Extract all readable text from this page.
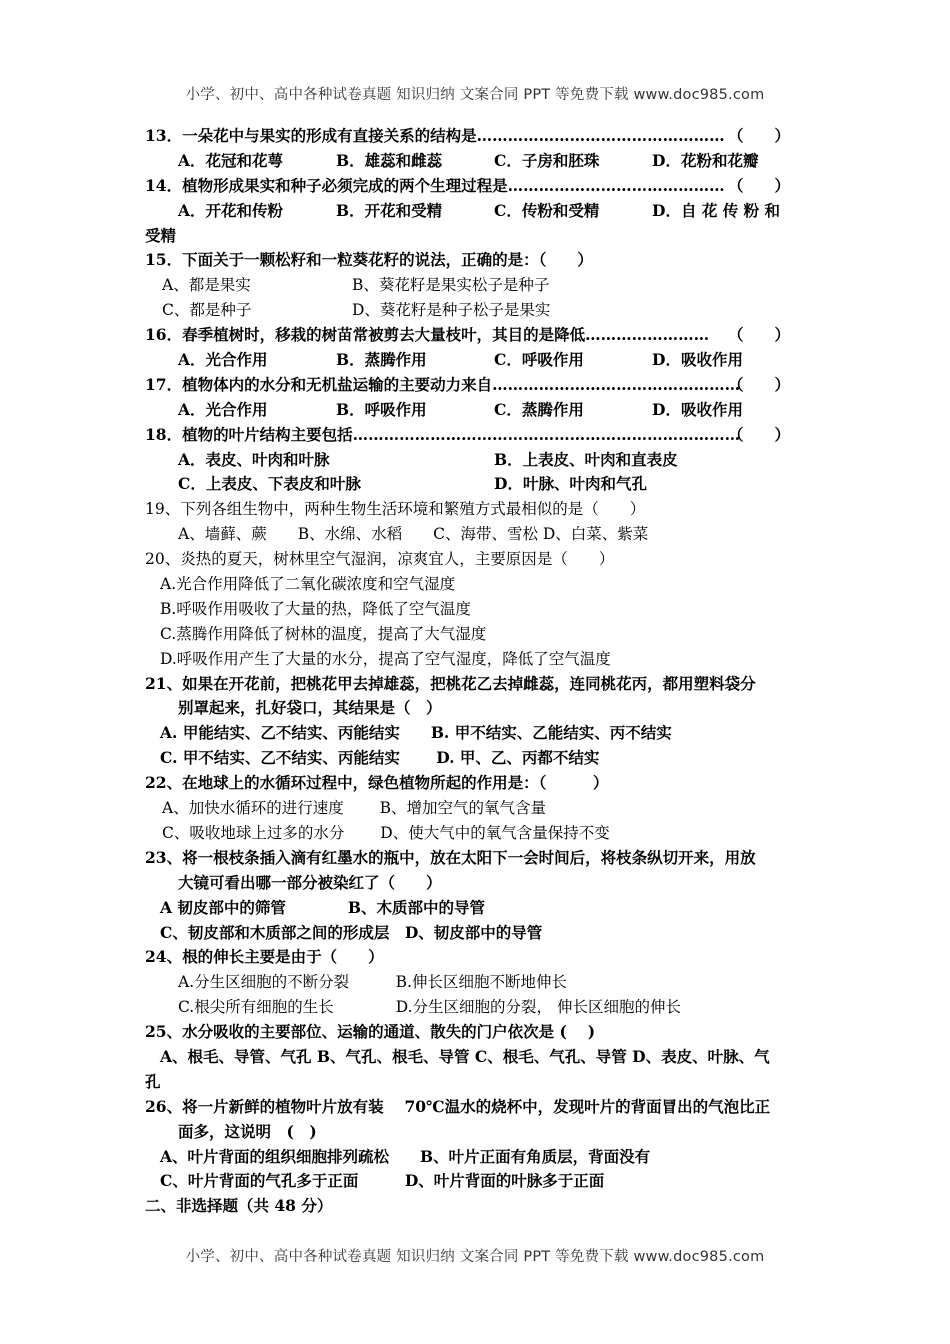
小学、初中、高中各种试卷真题 知识归纳 文案合同 PPT 等免费下载 www.doc985.com
13．一朵花中与果实的形成有直接关系的结构是………………………………………… （　　）
A．花冠和花萼	B．雄蕊和雌蕊	C．子房和胚珠	D．花粉和花瓣
14．植物形成果实和种子必须完成的两个生理过程是…………………………………… （　　）
A．开花和传粉	B．开花和受精	C．传粉和受精	D．自 花 传 粉 和
受精
15．下面关于一颗松籽和一粒葵花籽的说法，正确的是：（　　）
A、都是果实	B、葵花籽是果实松子是种子
C、都是种子	D、葵花籽是种子松子是果实
16．春季植树时，移栽的树苗常被剪去大量枝叶，其目的是降低…………………… （　　）
A．光合作用	B．蒸腾作用	C．呼吸作用	D．吸收作用
17．植物体内的水分和无机盐运输的主要动力来自…………………………………………
（　　）
A．光合作用	B．呼吸作用	C．蒸腾作用	D．吸收作用
18．植物的叶片结构主要包括…………………………………………………………………
（　　）
A．表皮、叶肉和叶脉	B．上表皮、叶肉和直表皮
C．上表皮、下表皮和叶脉	D．叶脉、叶肉和气孔
19、下列各组生物中，两种生物生活环境和繁殖方式最相似的是（　　）
A、墙藓、蕨　　B、水绵、水稻　　C、海带、雪松 D、白菜、紫菜
20、炎热的夏天，树林里空气湿润，凉爽宜人，主要原因是（　　）
A.光合作用降低了二氧化碳浓度和空气湿度
B.呼吸作用吸收了大量的热，降低了空气温度
C.蒸腾作用降低了树林的温度，提高了大气湿度
D.呼吸作用产生了大量的水分，提高了空气湿度，降低了空气温度
21、如果在开花前，把桃花甲去掉雄蕊，把桃花乙去掉雌蕊，连同桃花丙，都用塑料袋分
别罩起来，扎好袋口，其结果是（　）
A. 甲能结实、乙不结实、丙能结实　　B. 甲不结实、乙能结实、丙不结实
C. 甲不结实、乙不结实、丙能结实　　 D. 甲、乙、丙都不结实
22、在地球上的水循环过程中，绿色植物所起的作用是：（　　　）
A、加快水循环的进行速度　　 B、增加空气的氧气含量
C、吸收地球上过多的水分　　 D、使大气中的氧气含量保持不变
23、将一根枝条插入滴有红墨水的瓶中，放在太阳下一会时间后，将枝条纵切开来，用放
大镜可看出哪一部分被染红了（　　）
A 韧皮部中的筛管　　　　B、木质部中的导管
C、韧皮部和木质部之间的形成层　D、韧皮部中的导管
24、根的伸长主要是由于（　　）
A.分生区细胞的不断分裂　　　B.伸长区细胞不断地伸长
C.根尖所有细胞的生长　　　　D.分生区细胞的分裂， 伸长区细胞的伸长
25、水分吸收的主要部位、运输的通道、散失的门户依次是 (　 )
A、根毛、导管、气孔 B、气孔、根毛、导管 C、根毛、气孔、导管 D、表皮、叶脉、气
孔
26、将一片新鲜的植物叶片放有装　 70℃温水的烧杯中，发现叶片的背面冒出的气泡比正
面多，这说明　(　)
A、叶片背面的组织细胞排列疏松　　B、叶片正面有角质层，背面没有
C、叶片背面的气孔多于正面　　　D、叶片背面的叶脉多于正面
二、非选择题（共 48 分）
小学、初中、高中各种试卷真题 知识归纳 文案合同 PPT 等免费下载 www.doc985.com
